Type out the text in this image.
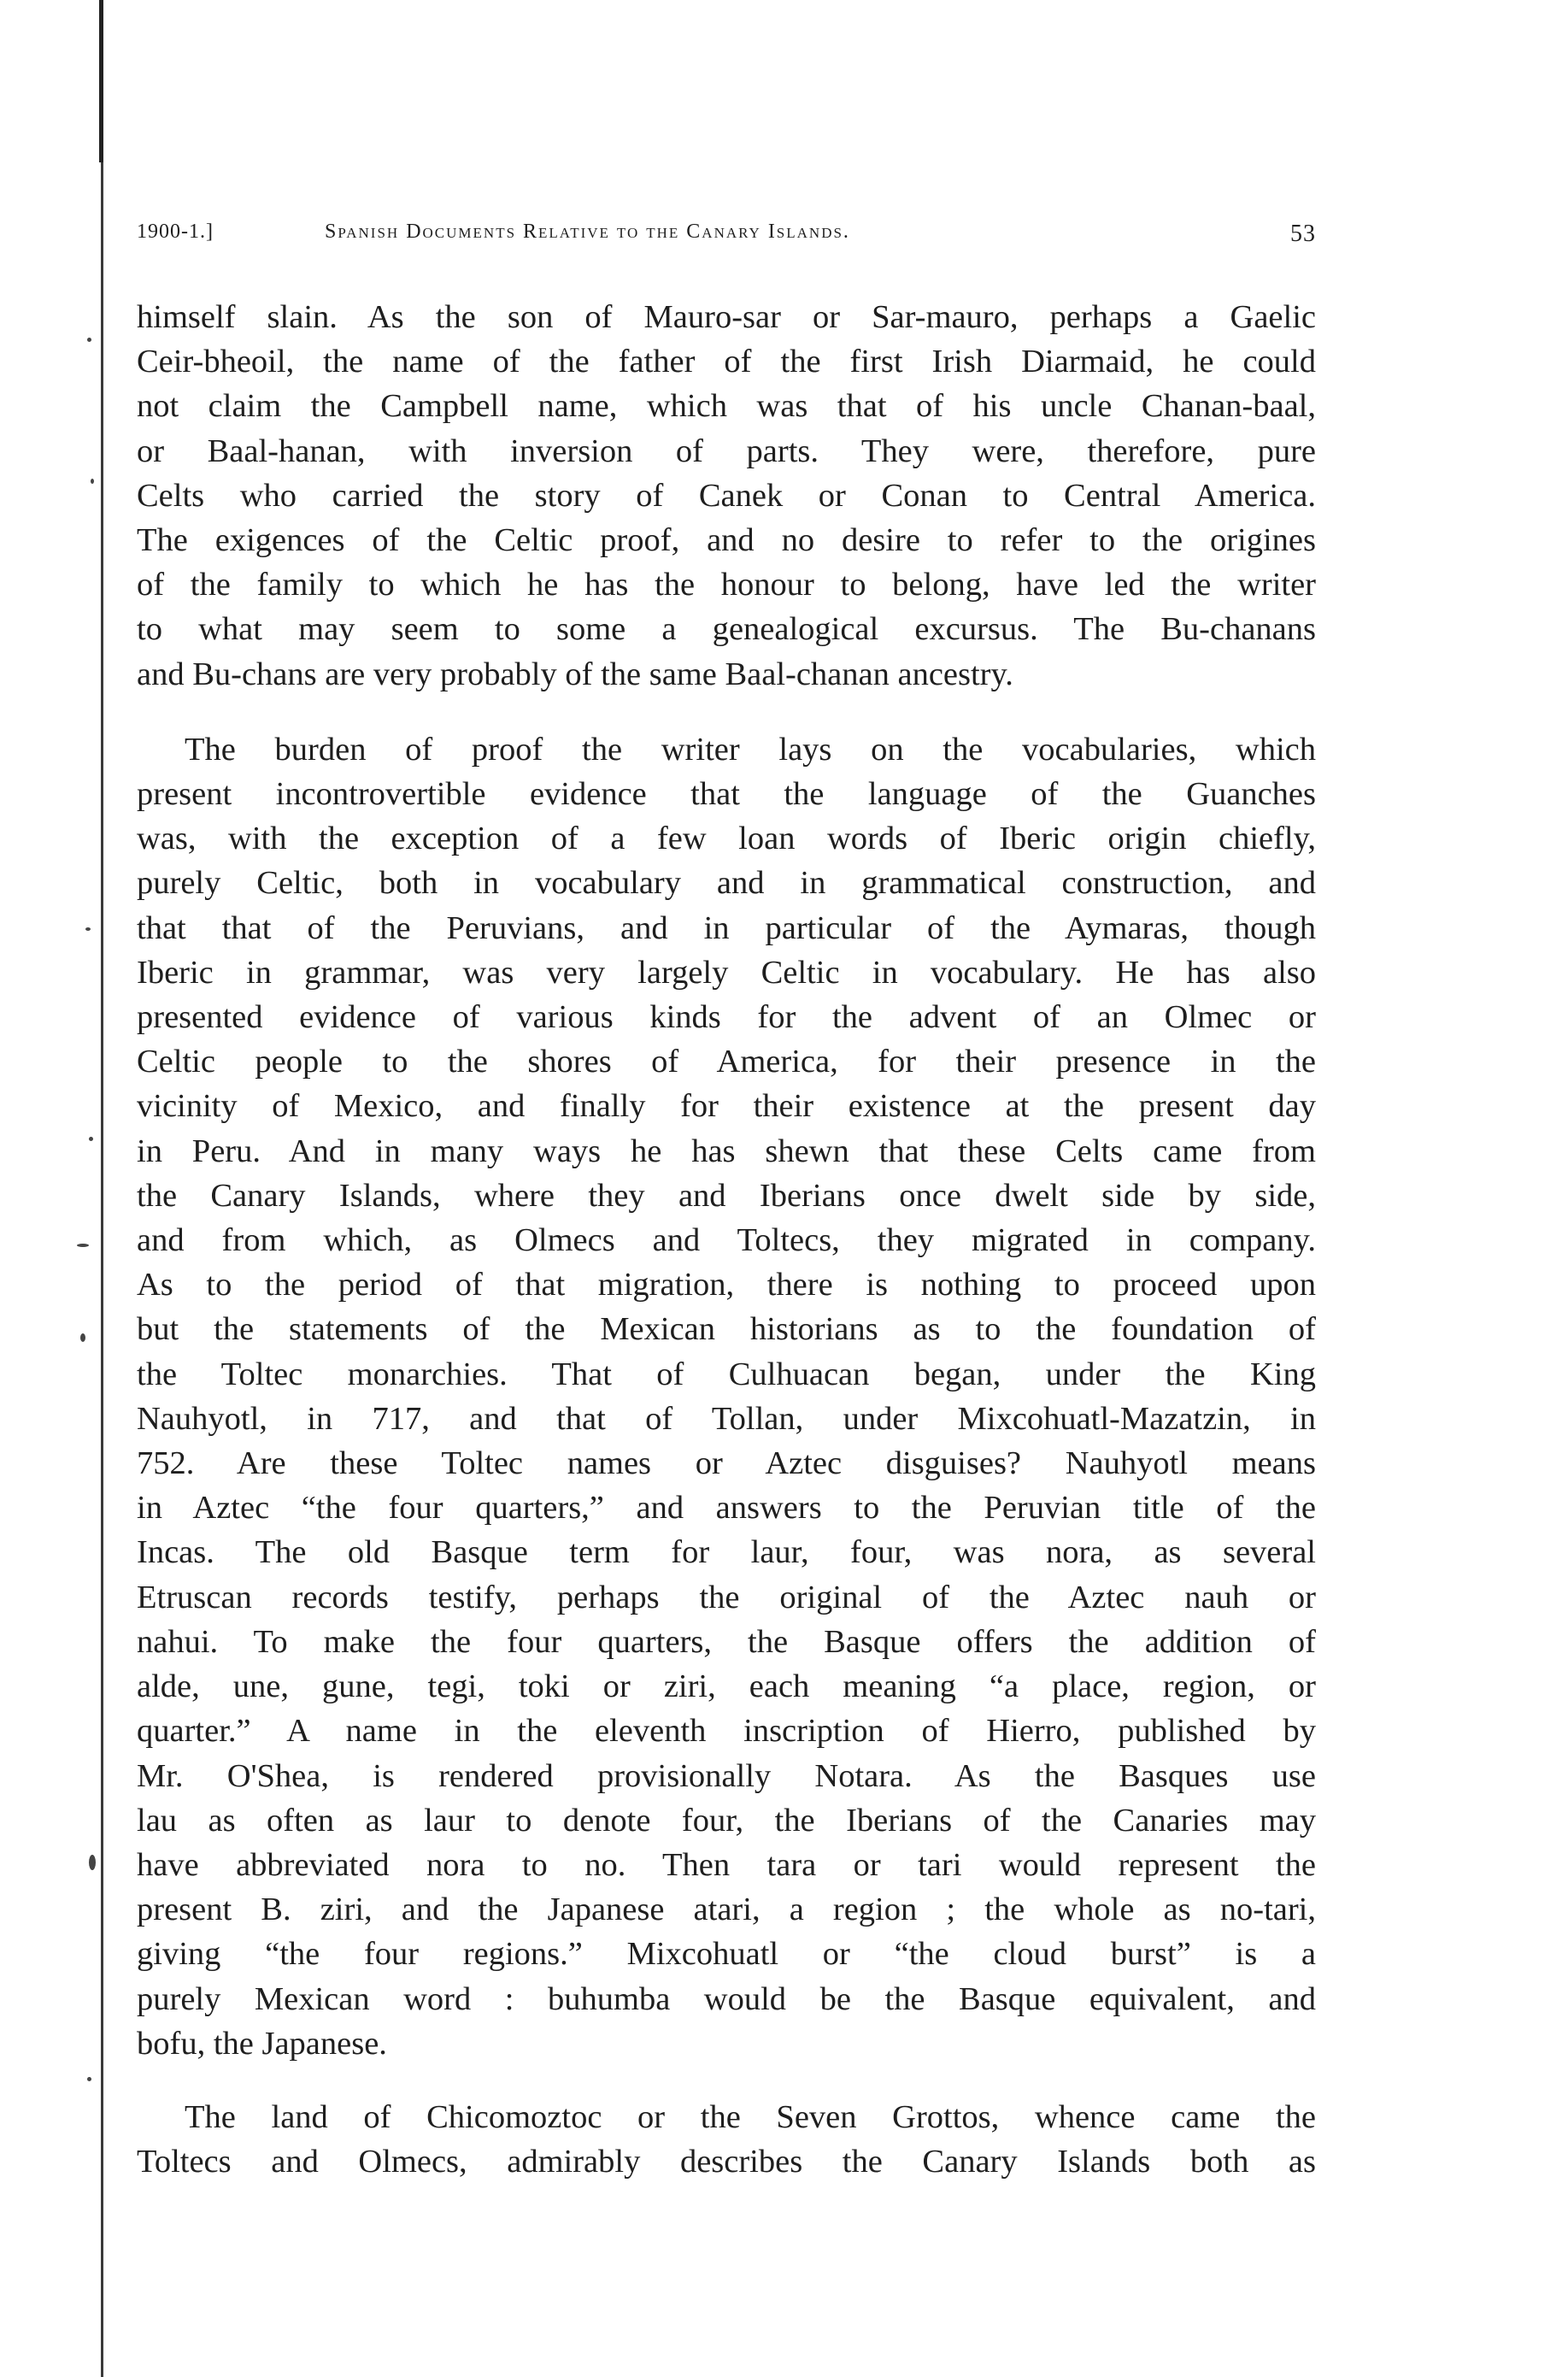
1900-1.]	Spanish Documents Relative to the Canary Islands.	53
himself slain. As the son of Mauro-sar or Sar-mauro, perhaps a Gaelic
Ceir-bheoil, the name of the father of the first Irish Diarmaid, he could
not claim the Campbell name, which was that of his uncle Chanan-baal,
or Baal-hanan, with inversion of parts. They were, therefore, pure
Celts who carried the story of Canek or Conan to Central America.
The exigences of the Celtic proof, and no desire to refer to the origines
of the family to which he has the honour to belong, have led the writer
to what may seem to some a genealogical excursus. The Bu-chanans
and Bu-chans are very probably of the same Baal-chanan ancestry.
The burden of proof the writer lays on the vocabularies, which
present incontrovertible evidence that the language of the Guanches
was, with the exception of a few loan words of Iberic origin chiefly,
purely Celtic, both in vocabulary and in grammatical construction, and
that that of the Peruvians, and in particular of the Aymaras, though
Iberic in grammar, was very largely Celtic in vocabulary. He has also
presented evidence of various kinds for the advent of an Olmec or
Celtic people to the shores of America, for their presence in the
vicinity of Mexico, and finally for their existence at the present day
in Peru. And in many ways he has shewn that these Celts came from
the Canary Islands, where they and Iberians once dwelt side by side,
and from which, as Olmecs and Toltecs, they migrated in company.
As to the period of that migration, there is nothing to proceed upon
but the statements of the Mexican historians as to the foundation of
the Toltec monarchies. That of Culhuacan began, under the King
Nauhyotl, in 717, and that of Tollan, under Mixcohuatl-Mazatzin, in
752. Are these Toltec names or Aztec disguises? Nauhyotl means
in Aztec “the four quarters,” and answers to the Peruvian title of the
Incas. The old Basque term for laur, four, was nora, as several
Etruscan records testify, perhaps the original of the Aztec nauh or
nahui. To make the four quarters, the Basque offers the addition of
alde, une, gune, tegi, toki or ziri, each meaning “a place, region, or
quarter.” A name in the eleventh inscription of Hierro, published by
Mr. O'Shea, is rendered provisionally Notara. As the Basques use
lau as often as laur to denote four, the Iberians of the Canaries may
have abbreviated nora to no. Then tara or tari would represent the
present B. ziri, and the Japanese atari, a region ; the whole as no-tari,
giving “the four regions.” Mixcohuatl or “the cloud burst” is a
purely Mexican word : buhumba would be the Basque equivalent, and
bofu, the Japanese.
The land of Chicomoztoc or the Seven Grottos, whence came the
Toltecs and Olmecs, admirably describes the Canary Islands both as
